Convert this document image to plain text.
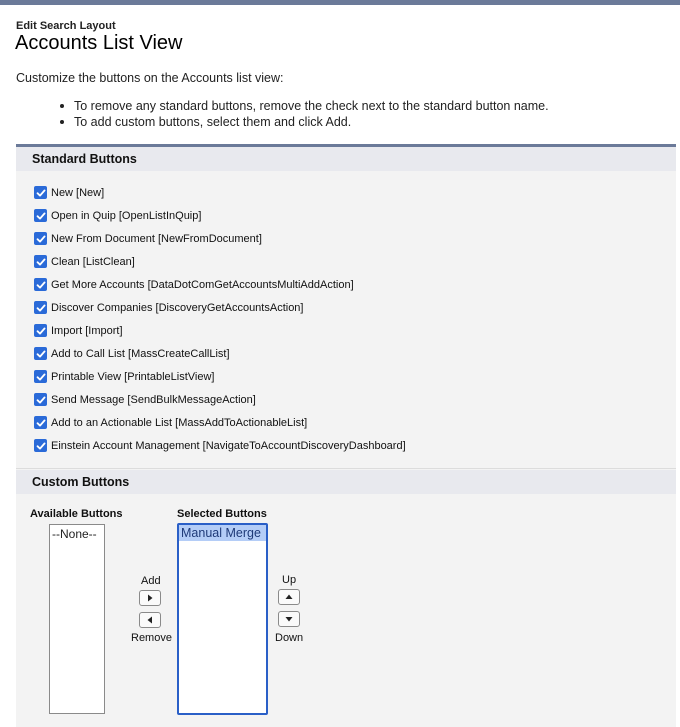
Edit Search Layout
Accounts List View
Customize the buttons on the Accounts list view:
To remove any standard buttons, remove the check next to the standard button name.
To add custom buttons, select them and click Add.
Standard Buttons
New [New]
Open in Quip [OpenListInQuip]
New From Document [NewFromDocument]
Clean [ListClean]
Get More Accounts [DataDotComGetAccountsMultiAddAction]
Discover Companies [DiscoveryGetAccountsAction]
Import [Import]
Add to Call List [MassCreateCallList]
Printable View [PrintableListView]
Send Message [SendBulkMessageAction]
Add to an Actionable List [MassAddToActionableList]
Einstein Account Management [NavigateToAccountDiscoveryDashboard]
Custom Buttons
Available Buttons
--None--
Add
Remove
Selected Buttons
Manual Merge
Up
Down
